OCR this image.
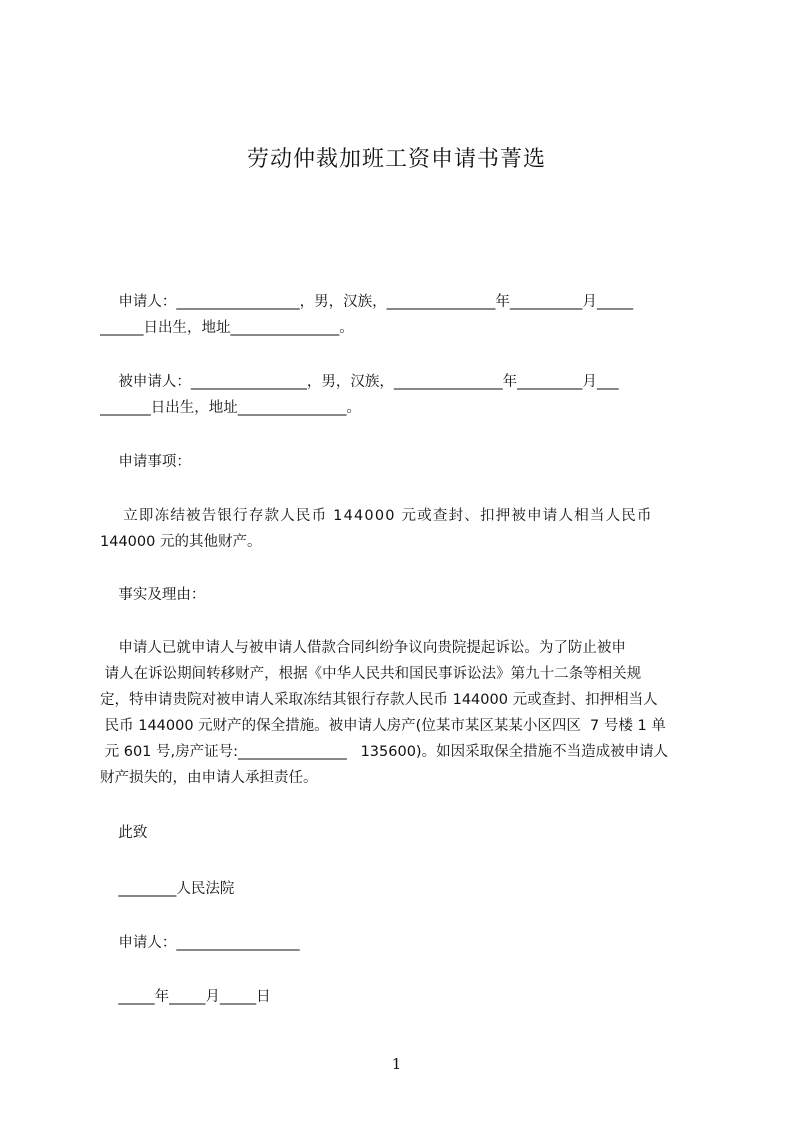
劳动仲裁加班工资申请书菁选
申请人：_________________，男，汉族，_______________年__________月_____
______日出生，地址_______________。
被申请人：________________，男，汉族，_______________年_________月___
_______日出生，地址_______________。
申请事项：
立即冻结被告银行存款人民币 144000 元或查封、扣押被申请人相当人民币
144000 元的其他财产。
事实及理由：
申请人已就申请人与被申请人借款合同纠纷争议向贵院提起诉讼。为了防止被申
请人在诉讼期间转移财产，根据《中华人民共和国民事诉讼法》第九十二条等相关规
定，特申请贵院对被申请人采取冻结其银行存款人民币 144000 元或查封、扣押相当人
民币 144000 元财产的保全措施。被申请人房产(位某市某区某某小区四区  7 号楼 1 单
元 601 号,房产证号:_______________   135600)。如因采取保全措施不当造成被申请人
财产损失的，由申请人承担责任。
此致
________人民法院
申请人：_________________
_____年_____月_____日
1
